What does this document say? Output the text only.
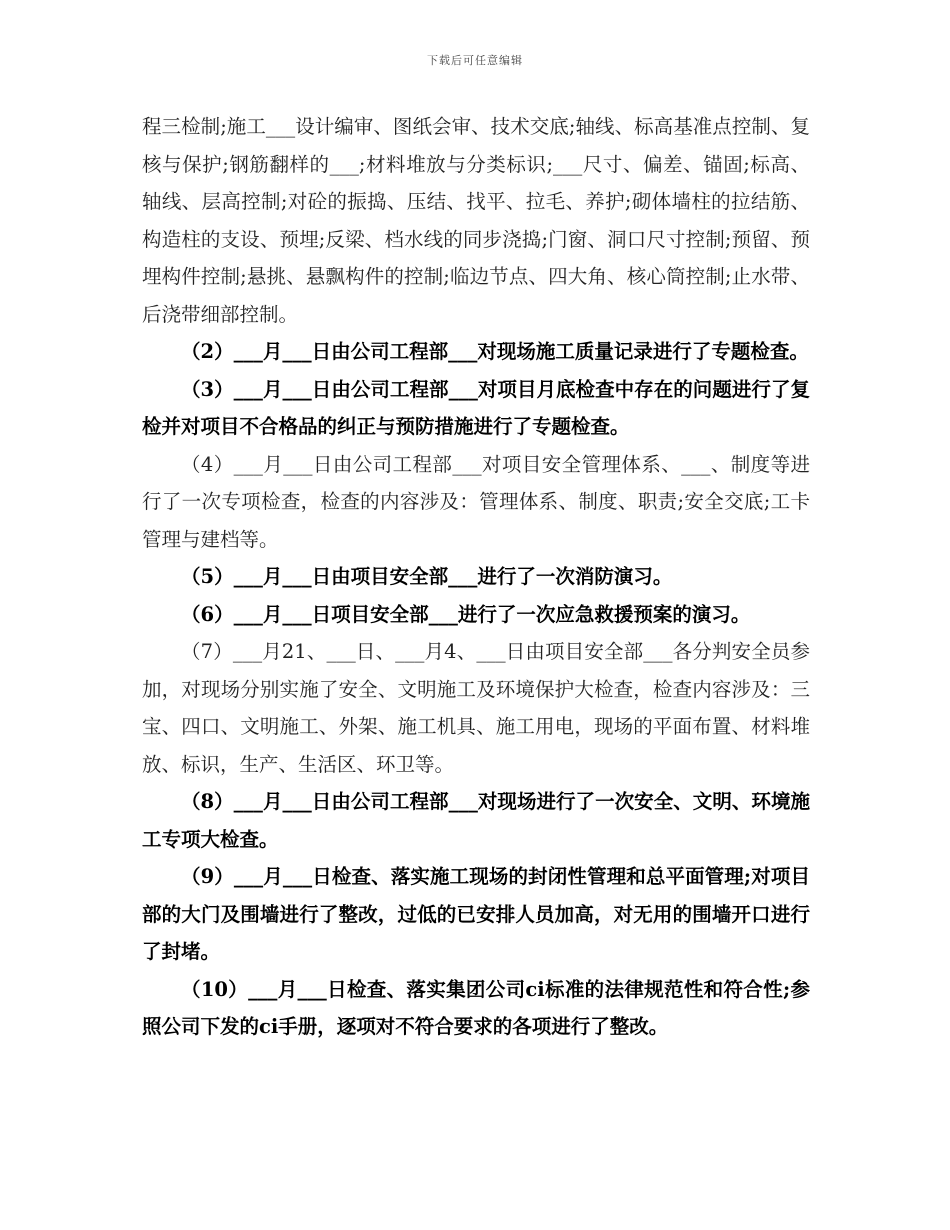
下载后可任意编辑

程三检制;施工___设计编审、图纸会审、技术交底;轴线、标高基准点控制、复核与保护;钢筋翻样的___;材料堆放与分类标识;___尺寸、偏差、锚固;标高、轴线、层高控制;对砼的振捣、压结、找平、拉毛、养护;砌体墙柱的拉结筋、构造柱的支设、预埋;反梁、档水线的同步浇捣;门窗、洞口尺寸控制;预留、预埋构件控制;悬挑、悬飘构件的控制;临边节点、四大角、核心筒控制;止水带、后浇带细部控制。

（2）___月___日由公司工程部___对现场施工质量记录进行了专题检查。

（3）___月___日由公司工程部___对项目月底检查中存在的问题进行了复检并对项目不合格品的纠正与预防措施进行了专题检查。

（4）___月___日由公司工程部___对项目安全管理体系、___、制度等进行了一次专项检查，检查的内容涉及：管理体系、制度、职责;安全交底;工卡管理与建档等。

（5）___月___日由项目安全部___进行了一次消防演习。

（6）___月___日项目安全部___进行了一次应急救援预案的演习。

（7）___月21、___日、___月4、___日由项目安全部___各分判安全员参加，对现场分别实施了安全、文明施工及环境保护大检查，检查内容涉及：三宝、四口、文明施工、外架、施工机具、施工用电，现场的平面布置、材料堆放、标识，生产、生活区、环卫等。

（8）___月___日由公司工程部___对现场进行了一次安全、文明、环境施工专项大检查。

（9）___月___日检查、落实施工现场的封闭性管理和总平面管理;对项目部的大门及围墙进行了整改，过低的已安排人员加高，对无用的围墙开口进行了封堵。

（10）___月___日检查、落实集团公司ci标准的法律规范性和符合性;参照公司下发的ci手册，逐项对不符合要求的各项进行了整改。
